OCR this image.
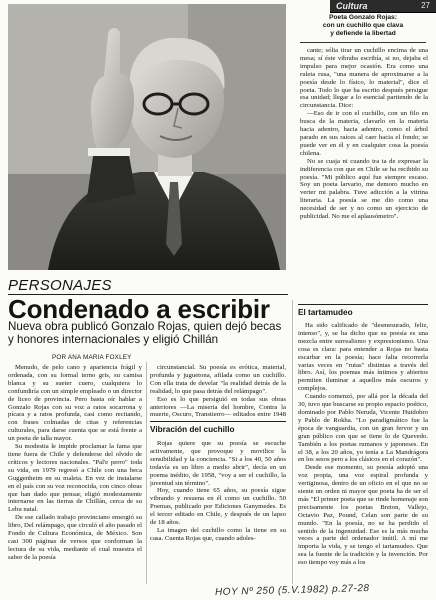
Cultura	27

Poeta Gonzalo Rojas:
con un cuchillo que clava
y defiende la libertad

cante; sólia tirar un cuchillo encima de una mesa; sí éste vibraba escribía, si no, dejaba el impulso para mejor ocasión. Era como una ruleta rusa, "una manera de aproximarse a la poesía desde lo físico, lo material", dice el poeta. Todo lo que ha escrito después persigue esa unidad; llegar a lo esencial partiendo de la circunstancia. Dice:

—Eso de ir con el cuchillo, con un filo en busca de la materia, clavarlo en la materia hacia adentro, hacia adentro, como el árbol parado en sus raíces al caer hacia el fondo; se puede ver en él y en cualquier cosa la poesía chilena.

No se cuaja ni cuando tra ta de expresar la indiferencia con que en Chile se ha recibido su poesía. "Mi público aquí fue siempre escaso. Soy un poeta larvario, me demoro mucho en verter mi palabra. Tuve adicción a la vitrina literaria. La poesía se me dio como una necesidad de ser y no como un ejercicio de publicidad. No me el aplausómetro".

PERSONAJES

Condenado a escribir

Nueva obra publicó Gonzalo Rojas, quien dejó becas y honores internacionales y eligió Chillán

POR ANA MARIA FOXLEY

Menudo, de pelo cano y apariencia frágil y ordenada, con su formal terno gris, su camisa blanca y su sueter cuero, cualquiera lo confundiría con un simple empleado o un director de liceo de provincia. Pero basta oír hablar a Gonzalo Rojas con su voz a ratos socarrona y pícara y a ratos profunda, casi como recitando, con frases colmadas de citas y referencias culturales, para darse cuenta que se está frente a un poeta de talla mayor.

Su modestia le impide proclamar la fama que tiene fuera de Chile y defenderse del olvido de críticos y lectores nacionales. "Pal'e perro" toda su vida, en 1979 regresó a Chile con una beca Guggenheim en su maleta. En vez de instalarse en el país con su voz reconocida, con cinco obras que han dado que pensar, eligió modestamente internarse en las tierras de Chillán, cerca de su Lebu natal.

De ese callado trabajo provinciano emergió su libro, Del relámpago, que circuló el año pasado el Fondo de Cultura Económica, de México. Son casi 300 páginas de versos que conforman la lectura de su vida, mediante el cual muestra el sabor de la poesía

circunstancial. Su poesía es erótica, material, profunda y juguetona, afilada como un cuchillo. Con ella trata de develar "la realidad detrás de la realidad, lo que pasa detrás del relámpago".

Eso es lo que persiguió en todas sus obras anteriores —La miseria del hombre, Contra la muerte, Oscuro, Transtierro— editados entre 1948

Vibración del cuchillo

Rojas quiere que su poesía se escuche activamente, que provoque y movilice la sensibilidad y la conciencia. "Si a los 40, 50 años todavía es un libro a medio abrir", decía en un poema inédito, de 1958, "voy a ser el cuchillo, la juventud sin término".

Hoy, cuando tiene 65 años, su poesía sigue vibrando y resuena en él como un cuchillo. 50 Poemas, publicado por Ediciones Ganymedes. Es el tercer editado en Chile, y después de un lapso de 18 años.

La imagen del cuchillo como la tiene en su casa. Cuenta Rojas que, cuando adoles-

El tartamudeo

Ha sido calificado de "desmesurado, feliz, intenso", y, se ha dicho que su poesía es una mezcla entre surrealismo y expresionismo. Una cosa es clara: para entender a Rojas no basta escarbar en la poesía; hace falta recorrerla varias veces en "rutas" distintas a través del libro. Así, los poemas más íntimos y abiertos permiten iluminar a aquellos más oscuros y complejos.

Cuando comenzó, por allá por la década del 30, tuvo que buscarse su propio espacio poético, dominado por Pablo Neruda, Vicente Huidobro y Pablo de Rokha. "Lo paradigmático fue la época de vanguardia, con un gran fervor y un gran público con que se tiene lo de Quevedo. También a los poetas rumanos y japoneses. En el 38, a los 20 años, yo tenía a La Mandrágora en los sesos pero a los clásicos en el corazón".

Desde ese momento, su poesía adoptó una voz propia, una voz espiral profunda y vertiginosa, dentro de un oficio en el que no se siente un orden ni mayor que poeta ha de ser el más "El primer poeta que se rinde homenaje son precisamente los poetas Breton, Vallejo, Octavio Paz, Pound, Celan son parte de su mundo. "En la poesía, no se ha perdido el sentido de la ingenuidad. Ese es la más mucha veces a parte del ordenador inútil. A mí me importa la vida, y se tengo el tartamudeo. Que sea la fuente de la tradición y la invención. Por eso tiempo voy más a los

HOY Nº 250 (5.V.1982) p.27-28
